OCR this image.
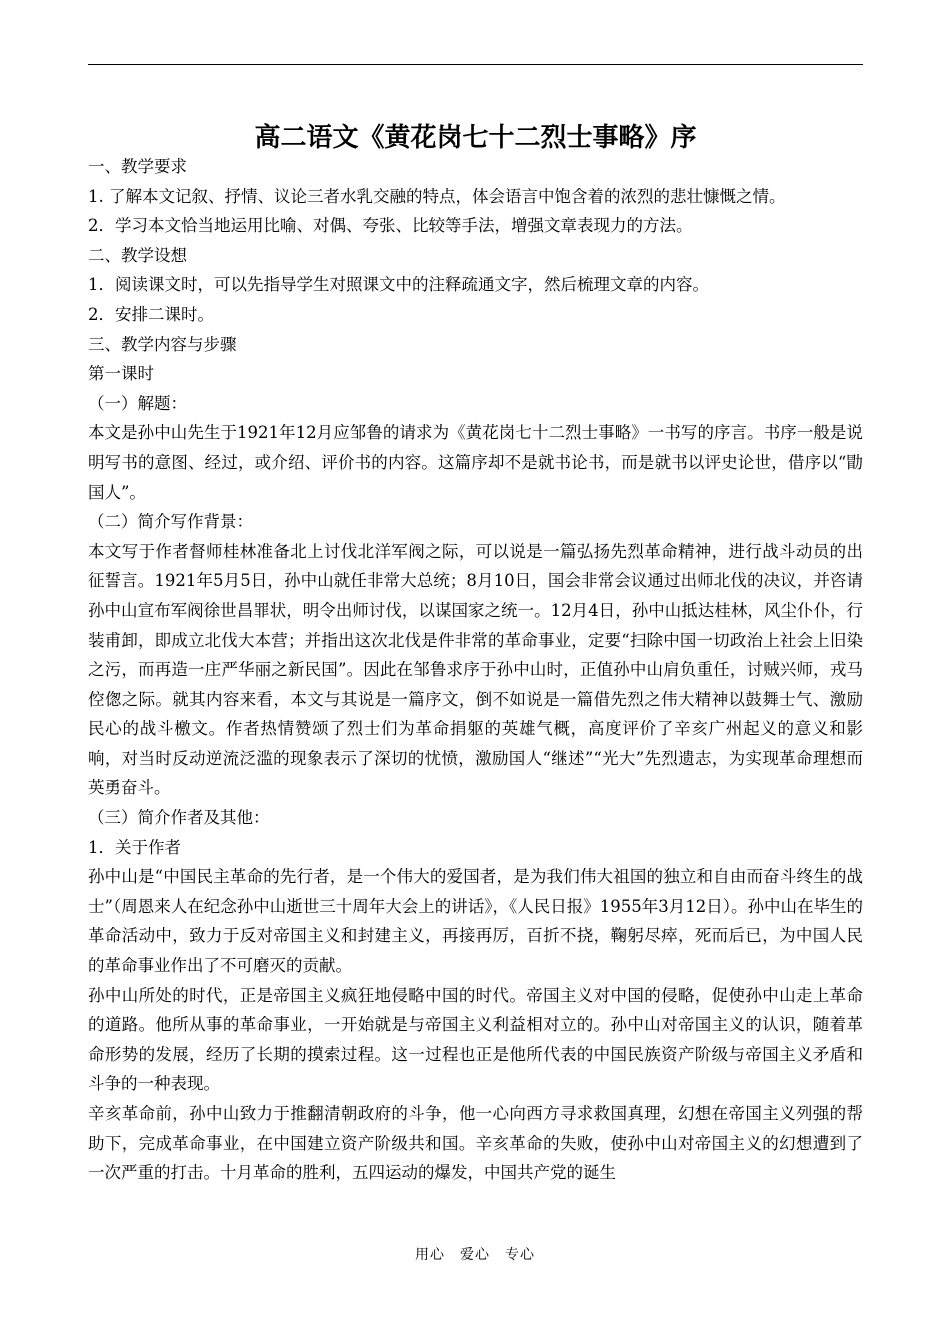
高二语文《黄花岗七十二烈士事略》序

一、教学要求

1. 了解本文记叙、抒情、议论三者水乳交融的特点，体会语言中饱含着的浓烈的悲壮慷慨之情。

2．学习本文恰当地运用比喻、对偶、夸张、比较等手法，增强文章表现力的方法。

二、教学设想

1．阅读课文时，可以先指导学生对照课文中的注释疏通文字，然后梳理文章的内容。

2．安排二课时。

三、教学内容与步骤

第一课时

（一）解题：

本文是孙中山先生于1921年12月应邹鲁的请求为《黄花岗七十二烈士事略》一书写的序言。书序一般是说明写书的意图、经过，或介绍、评价书的内容。这篇序却不是就书论书，而是就书以评史论世，借序以“勖国人”。

（二）简介写作背景：

本文写于作者督师桂林准备北上讨伐北洋军阀之际，可以说是一篇弘扬先烈革命精神，进行战斗动员的出征誓言。1921年5月5日，孙中山就任非常大总统；8月10日，国会非常会议通过出师北伐的决议，并咨请孙中山宣布军阀徐世昌罪状，明令出师讨伐，以谋国家之统一。12月4日，孙中山抵达桂林，风尘仆仆，行装甫卸，即成立北伐大本营；并指出这次北伐是件非常的革命事业，定要“扫除中国一切政治上社会上旧染之污，而再造一庄严华丽之新民国”。因此在邹鲁求序于孙中山时，正值孙中山肩负重任，讨贼兴师，戎马倥偬之际。就其内容来看，本文与其说是一篇序文，倒不如说是一篇借先烈之伟大精神以鼓舞士气、激励民心的战斗檄文。作者热情赞颂了烈士们为革命捐躯的英雄气概，高度评价了辛亥广州起义的意义和影响，对当时反动逆流泛滥的现象表示了深切的忧愤，激励国人“继述”“光大”先烈遗志，为实现革命理想而英勇奋斗。

（三）简介作者及其他：

1．关于作者

孙中山是“中国民主革命的先行者，是一个伟大的爱国者，是为我们伟大祖国的独立和自由而奋斗终生的战士”（周恩来人在纪念孙中山逝世三十周年大会上的讲话》，《人民日报》1955年3月12日）。孙中山在毕生的革命活动中，致力于反对帝国主义和封建主义，再接再厉，百折不挠，鞠躬尽瘁，死而后已，为中国人民的革命事业作出了不可磨灭的贡献。

孙中山所处的时代，正是帝国主义疯狂地侵略中国的时代。帝国主义对中国的侵略，促使孙中山走上革命的道路。他所从事的革命事业，一开始就是与帝国主义利益相对立的。孙中山对帝国主义的认识，随着革命形势的发展，经历了长期的摸索过程。这一过程也正是他所代表的中国民族资产阶级与帝国主义矛盾和斗争的一种表现。

辛亥革命前，孙中山致力于推翻清朝政府的斗争，他一心向西方寻求救国真理，幻想在帝国主义列强的帮助下，完成革命事业，在中国建立资产阶级共和国。辛亥革命的失败，使孙中山对帝国主义的幻想遭到了一次严重的打击。十月革命的胜利，五四运动的爆发，中国共产党的诞生

用心　爱心　专心
